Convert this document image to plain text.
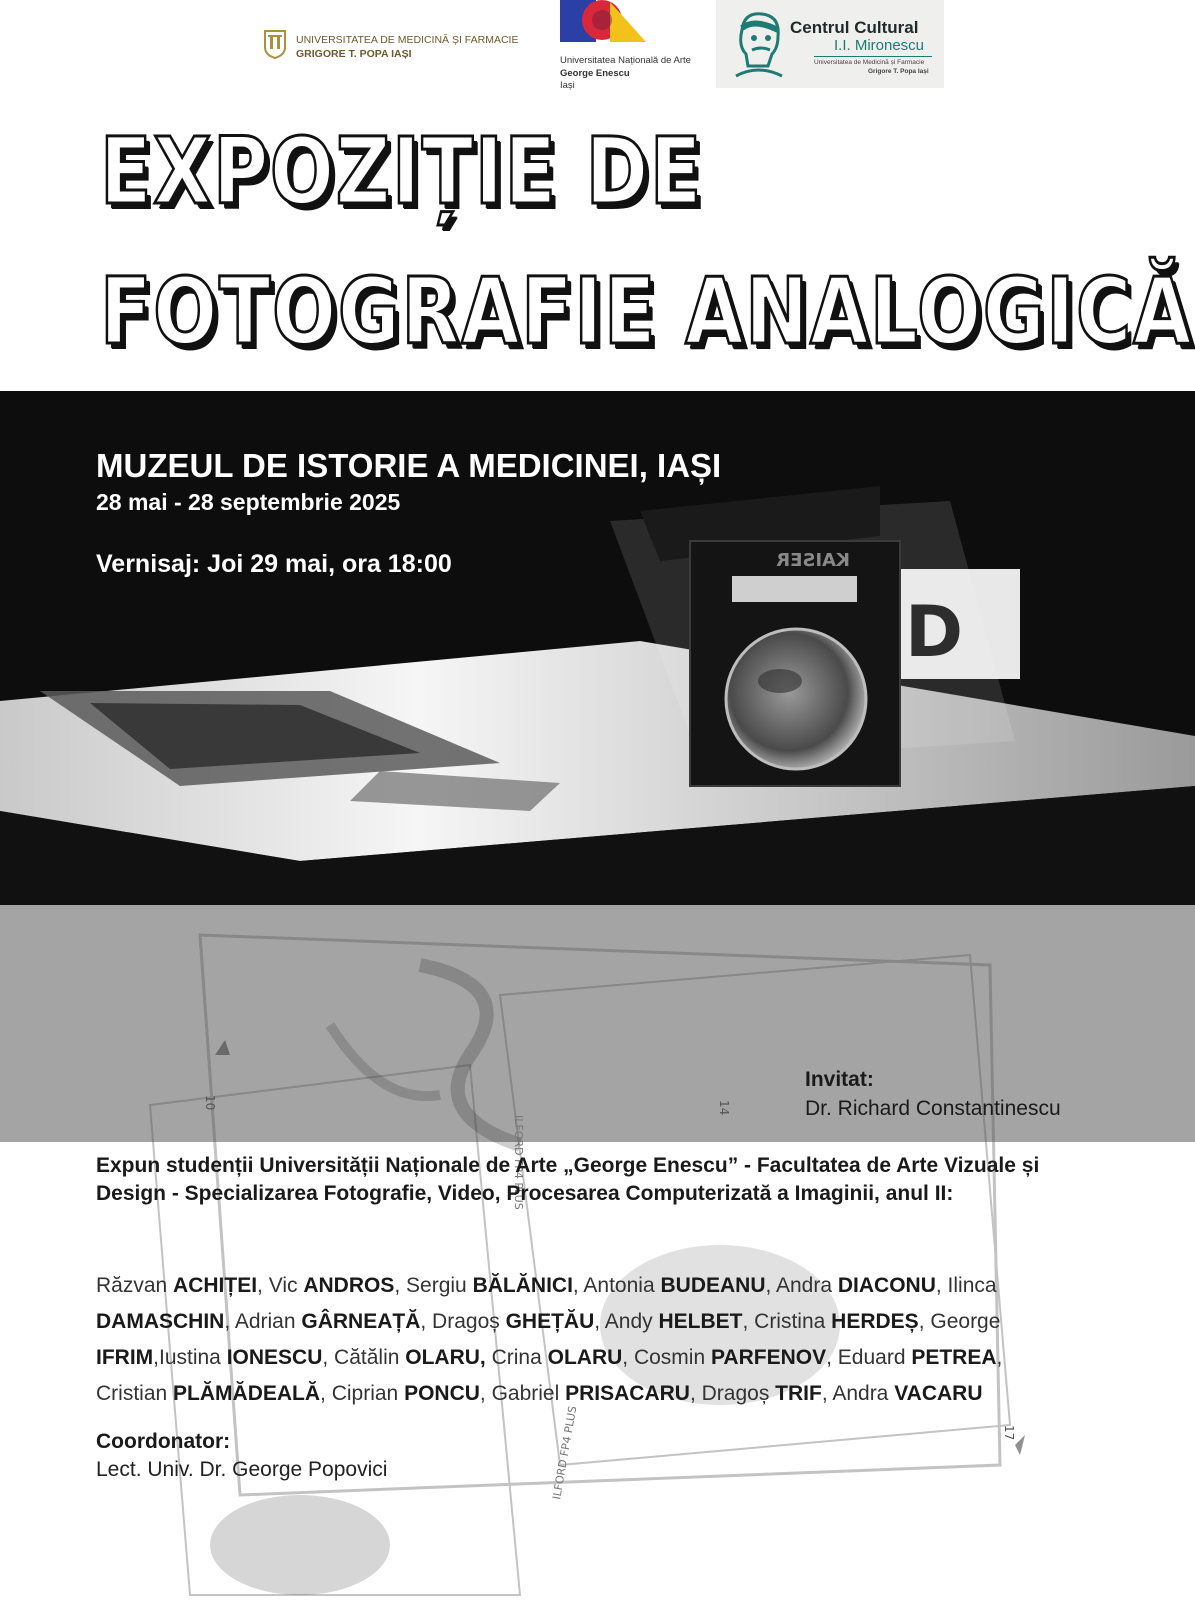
UNIVERSITATEA DE MEDICINĂ ȘI FARMACIE
GRIGORE T. POPA IAȘI
Universitatea Națională de Arte
George Enescu
Iași
Centrul Cultural
I.I. Mironescu
Universitatea de Medicină și Farmacie
Grigore T. Popa Iași
EXPOZIȚIE DE
FOTOGRAFIE ANALOGICĂ
D
KAISER
MUZEUL DE ISTORIE A MEDICINEI, IAȘI
28 mai - 28 septembrie 2025
Vernisaj: Joi 29 mai, ora 18:00
ILFORD FP4 PLUS
ILFORD FP4 PLUS
10	14
17
Invitat:
Dr. Richard Constantinescu
Expun studenții Universității Naționale de Arte „George Enescu” - Facultatea de Arte Vizuale și Design - Specializarea Fotografie, Video, Procesarea Computerizată a Imaginii, anul II:
Răzvan ACHIȚEI, Vic ANDROS, Sergiu BĂLĂNICI, Antonia BUDEANU, Andra DIACONU, Ilinca
DAMASCHIN, Adrian GÂRNEAȚĂ, Dragoș GHEȚĂU, Andy HELBET, Cristina HERDEȘ, George
IFRIM,Iustina IONESCU, Cătălin OLARU, Crina OLARU, Cosmin PARFENOV, Eduard PETREA,
Cristian PLĂMĂDEALĂ, Ciprian PONCU, Gabriel PRISACARU, Dragoș TRIF, Andra VACARU
Coordonator:
Lect. Univ. Dr. George Popovici
